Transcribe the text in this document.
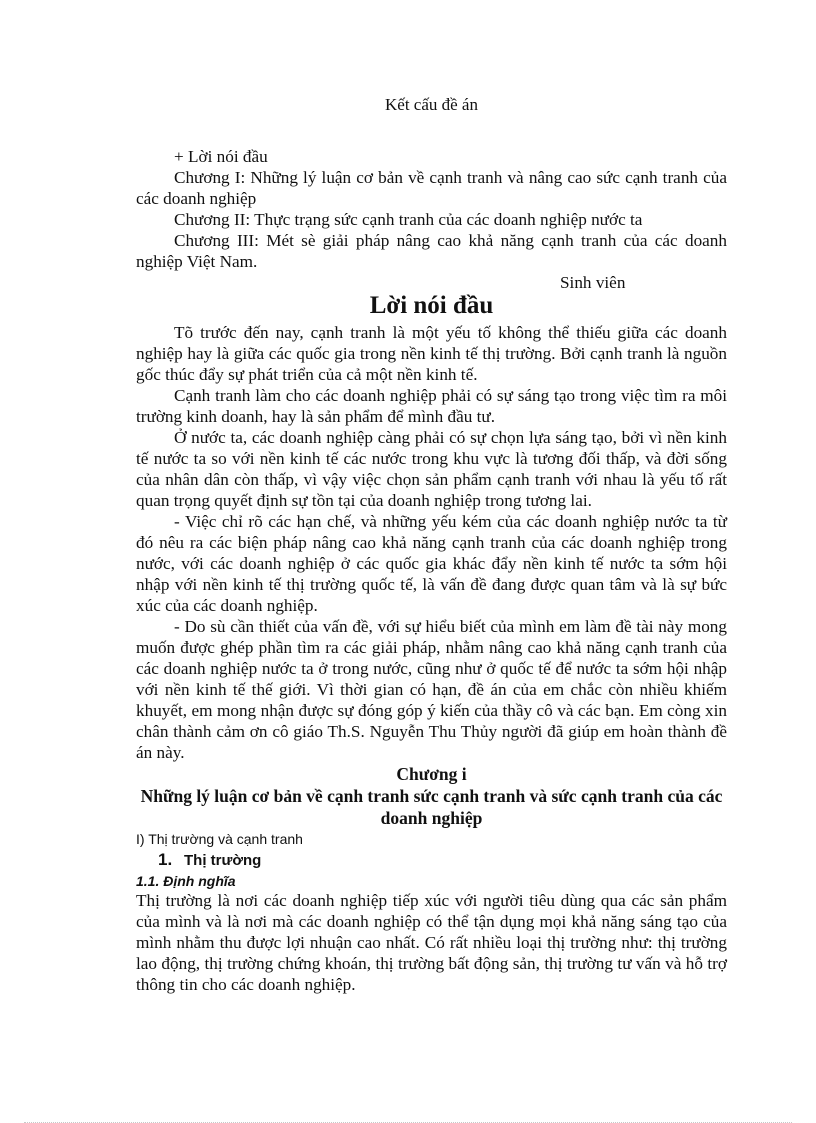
Kết cấu đề án

+ Lời nói đầu

Chương I: Những lý luận cơ bản về cạnh tranh và nâng cao sức cạnh tranh của các doanh nghiệp

Chương II: Thực trạng sức cạnh tranh của các doanh nghiệp nước ta

Chương III: Mét sè giải pháp nâng cao khả năng cạnh tranh của các doanh nghiệp Việt Nam.

Sinh viên

Lời nói đầu

Tõ trước đến nay, cạnh tranh là một yếu tố không thể thiếu giữa các doanh nghiệp hay là giữa các quốc gia trong nền kinh tế thị trường. Bởi cạnh tranh là nguồn gốc thúc đẩy sự phát triển của cả một nền kinh tế.

Cạnh tranh làm cho các doanh nghiệp phải có sự sáng tạo trong việc tìm ra môi trường kinh doanh, hay là sản phẩm để mình đầu tư.

Ở nước ta, các doanh nghiệp càng phải có sự chọn lựa sáng tạo, bởi vì nền kinh tế nước ta so với nền kinh tế các nước trong khu vực là tương đối thấp, và đời sống của nhân dân còn thấp, vì vậy việc chọn sản phẩm cạnh tranh với nhau là yếu tố rất quan trọng quyết định sự tồn tại của doanh nghiệp trong tương lai.

- Việc chỉ rõ các hạn chế, và những yếu kém của các doanh nghiệp nước ta từ đó nêu ra các biện pháp nâng cao khả năng cạnh tranh của các doanh nghiệp trong nước, với các doanh nghiệp ở các quốc gia khác đẩy nền kinh tế nước ta sớm hội nhập với nền kinh tế thị trường quốc tế, là vấn đề đang được quan tâm và là sự bức xúc của các doanh nghiệp.

- Do sù cần thiết của vấn đề, với sự hiểu biết của mình em làm đề tài này mong muốn được ghép phần tìm ra các giải pháp, nhằm nâng cao khả năng cạnh tranh của các doanh nghiệp nước ta ở trong nước, cũng như ở quốc tế để nước ta sớm hội nhập với nền kinh tế thế giới. Vì thời gian có hạn, đề án của em chắc còn nhiều khiếm khuyết, em mong nhận được sự đóng góp ý kiến của thầy cô và các bạn. Em còng xin chân thành cảm ơn cô giáo Th.S. Nguyễn Thu Thủy người đã giúp em hoàn thành đề án này.

Chương i

Những lý luận cơ bản về cạnh tranh sức cạnh tranh và sức cạnh tranh của các doanh nghiệp

I) Thị trường và cạnh tranh

1. Thị trường

1.1. Định nghĩa

Thị trường là nơi các doanh nghiệp tiếp xúc với người tiêu dùng qua các sản phẩm của mình và là nơi mà các doanh nghiệp có thể tận dụng mọi khả năng sáng tạo của mình nhằm thu được lợi nhuận cao nhất. Có rất nhiều loại thị trường như: thị trường lao động, thị trường chứng khoán, thị trường bất động sản, thị trường tư vấn và hỗ trợ thông tin cho các doanh nghiệp.
